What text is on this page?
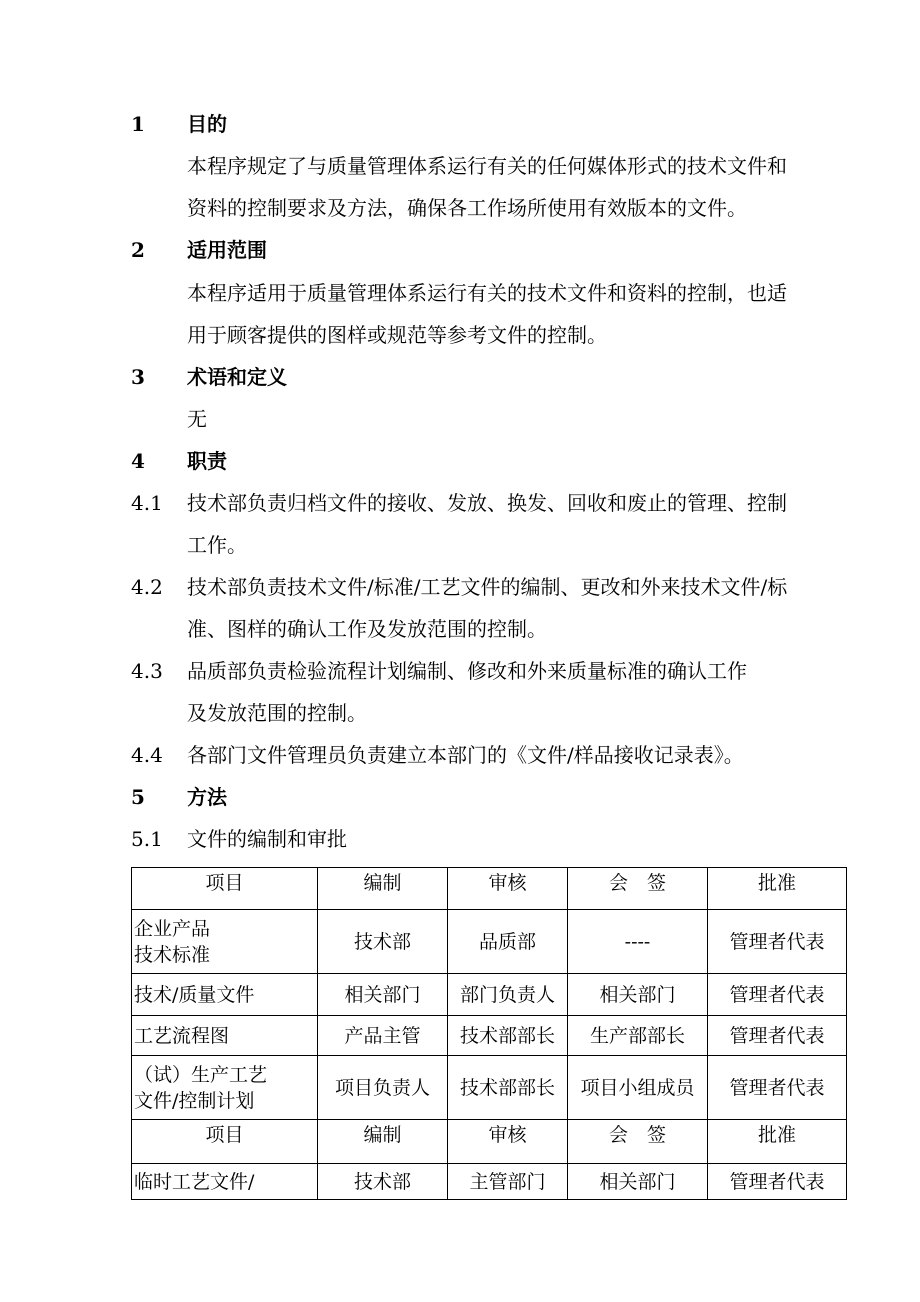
1 目的
本程序规定了与质量管理体系运行有关的任何媒体形式的技术文件和
资料的控制要求及方法，确保各工作场所使用有效版本的文件。
2 适用范围
本程序适用于质量管理体系运行有关的技术文件和资料的控制，也适
用于顾客提供的图样或规范等参考文件的控制。
3 术语和定义
无
4 职责
4.1 技术部负责归档文件的接收、发放、换发、回收和废止的管理、控制
工作。
4.2 技术部负责技术文件/标准/工艺文件的编制、更改和外来技术文件/标
准、图样的确认工作及发放范围的控制。
4.3 品质部负责检验流程计划编制、修改和外来质量标准的确认工作
及发放范围的控制。
4.4 各部门文件管理员负责建立本部门的《文件/样品接收记录表》。
5 方法
5.1 文件的编制和审批
项目	编制	审核	会　签	批准

企业产品
技术标准	技术部	品质部	----	管理者代表
技术/质量文件	相关部门	部门负责人	相关部门	管理者代表
工艺流程图	产品主管	技术部部长	生产部部长	管理者代表

（试）生产工艺
文件/控制计划	项目负责人	技术部部长	项目小组成员	管理者代表
项目	编制	审核	会　签	批准
临时工艺文件/	技术部	主管部门	相关部门	管理者代表
